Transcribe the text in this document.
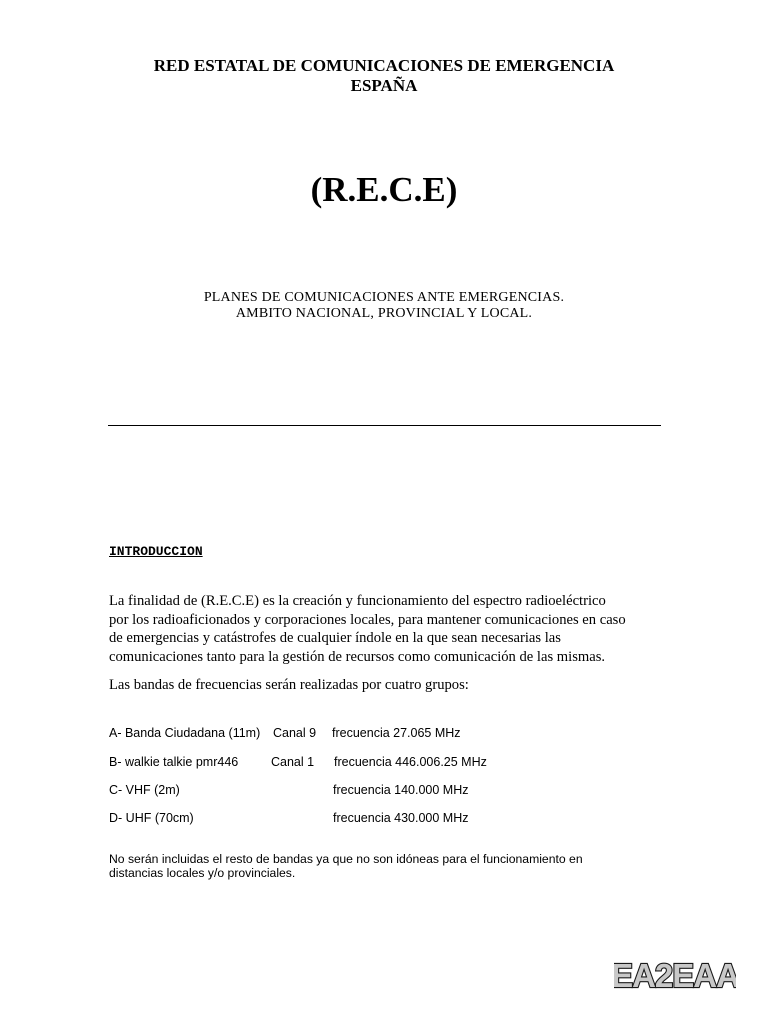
RED ESTATAL DE COMUNICACIONES DE EMERGENCIA
ESPAÑA
(R.E.C.E)
PLANES DE COMUNICACIONES ANTE EMERGENCIAS.
AMBITO NACIONAL, PROVINCIAL Y LOCAL.
INTRODUCCION
La finalidad de (R.E.C.E) es la creación y funcionamiento del espectro radioeléctrico
por los radioaficionados y corporaciones locales, para mantener comunicaciones en caso
de emergencias y catástrofes de cualquier índole en la que sean necesarias las
comunicaciones tanto para la gestión de recursos como comunicación de las mismas.
Las bandas de frecuencias serán realizadas por cuatro grupos:
A- Banda Ciudadana (11m) Canal 9 frecuencia 27.065 MHz
B- walkie talkie pmr446	Canal 1 frecuencia 446.006.25 MHz
C- VHF (2m)	frecuencia 140.000 MHz
D- UHF (70cm)	frecuencia 430.000 MHz
No serán incluidas el resto de bandas ya que no son idóneas para el funcionamiento en
distancias locales y/o provinciales.
EA2EAA
